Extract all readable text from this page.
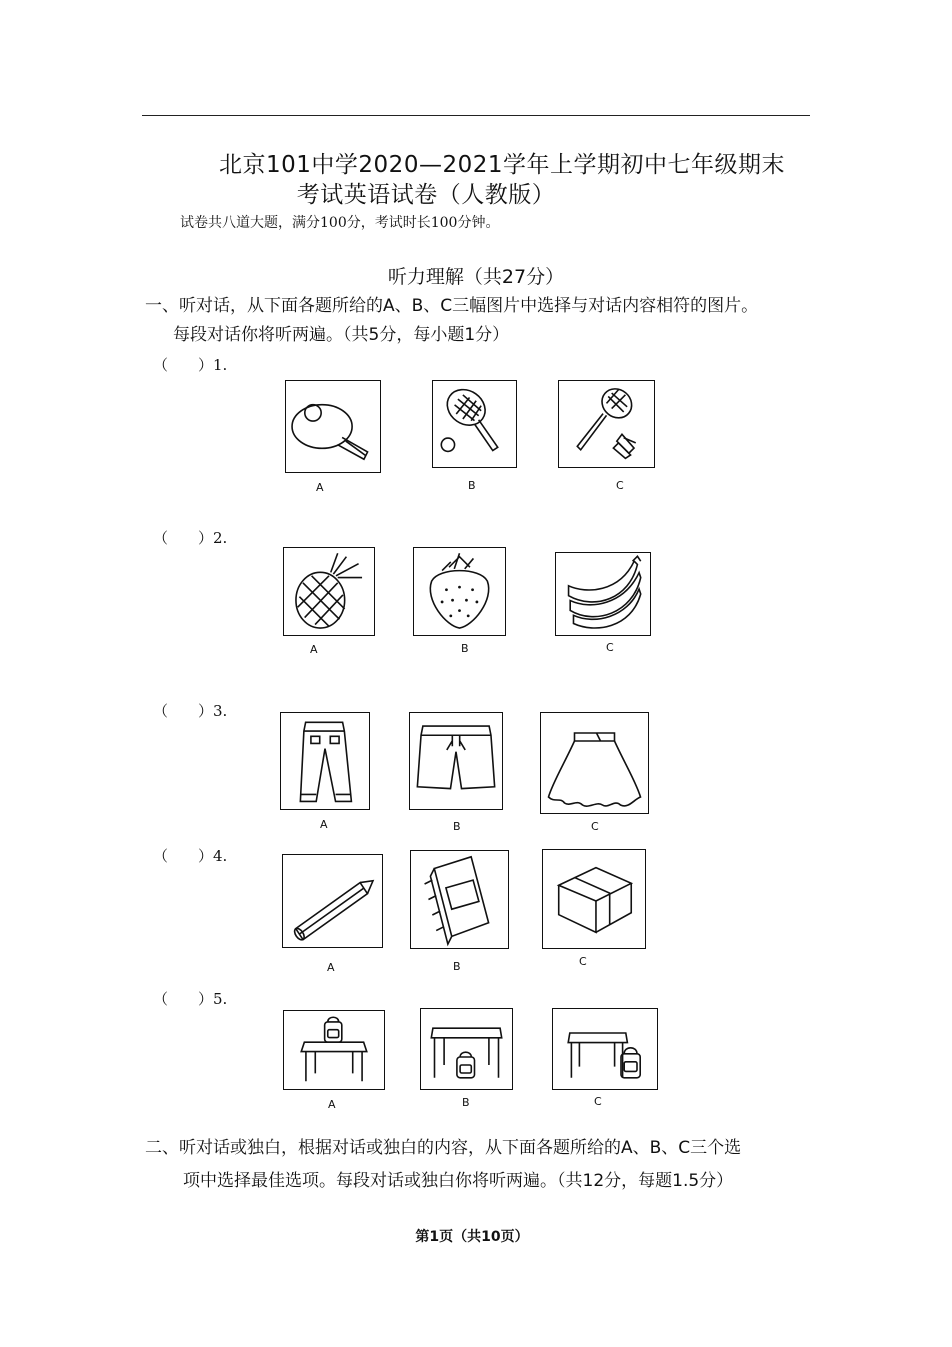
北京101中学2020—2021学年上学期初中七年级期末
考试英语试卷（人教版）
试卷共八道大题，满分100分，考试时长100分钟。
听力理解（共27分）
一、听对话，从下面各题所给的A、B、C三幅图片中选择与对话内容相符的图片。
每段对话你将听两遍。（共5分，每小题1分）
（　　）1.
（　　）2.
（　　）3.
（　　）4.
（　　）5.
A	B	C
A	B	C
A	B	C
A	B	C
A	B	C
二、听对话或独白，根据对话或独白的内容，从下面各题所给的A、B、C三个选
项中选择最佳选项。每段对话或独白你将听两遍。（共12分，每题1.5分）
第1页（共10页）
